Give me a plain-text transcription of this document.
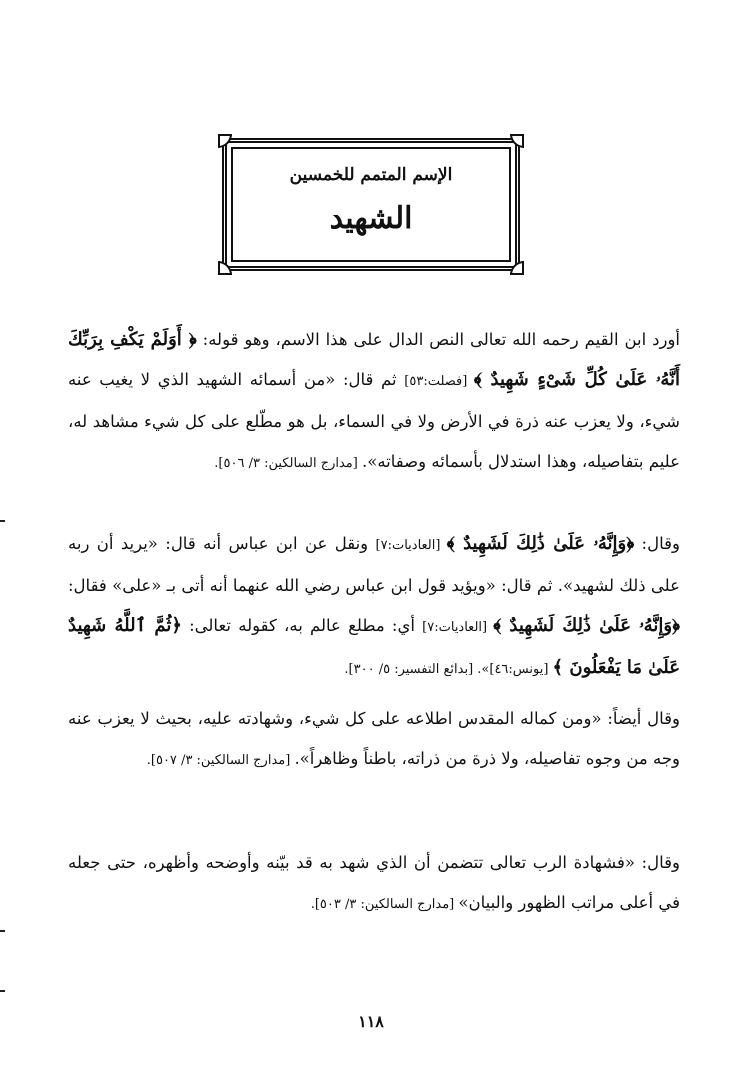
الإسم المتمم للخمسين
الشهيد

أورد ابن القيم رحمه الله تعالى النص الدال على هذا الاسم، وهو قوله: ﴿ أَوَلَمْ يَكْفِ بِرَبِّكَ أَنَّهُۥ عَلَىٰ كُلِّ شَىْءٍ شَهِيدٌ ﴾ [فصلت:٥٣] ثم قال: «من أسمائه الشهيد الذي لا يغيب عنه شيء، ولا يعزب عنه ذرة في الأرض ولا في السماء، بل هو مطّلع على كل شيء مشاهد له، عليم بتفاصيله، وهذا استدلال بأسمائه وصفاته». [مدارج السالكين: ٣/ ٥٠٦].

وقال: ﴿وَإِنَّهُۥ عَلَىٰ ذَٰلِكَ لَشَهِيدٌ ﴾ [العاديات:٧] ونقل عن ابن عباس أنه قال: «يريد أن ربه على ذلك لشهيد». ثم قال: «ويؤيد قول ابن عباس رضي الله عنهما أنه أتى بـ «على» فقال: ﴿وَإِنَّهُۥ عَلَىٰ ذَٰلِكَ لَشَهِيدٌ ﴾ [العاديات:٧] أي: مطلع عالم به، كقوله تعالى: ﴿ثُمَّ ٱللَّهُ شَهِيدٌ عَلَىٰ مَا يَفْعَلُونَ ﴾ [يونس:٤٦]». [بدائع التفسير: ٥/ ٣٠٠].

وقال أيضاً: «ومن كماله المقدس اطلاعه على كل شيء، وشهادته عليه، بحيث لا يعزب عنه وجه من وجوه تفاصيله، ولا ذرة من ذراته، باطناً وظاهراً». [مدارج السالكين: ٣/ ٥٠٧].

وقال: «فشهادة الرب تعالى تتضمن أن الذي شهد به قد بيّنه وأوضحه وأظهره، حتى جعله في أعلى مراتب الظهور والبيان» [مدارج السالكين: ٣/ ٥٠٣].

١١٨
